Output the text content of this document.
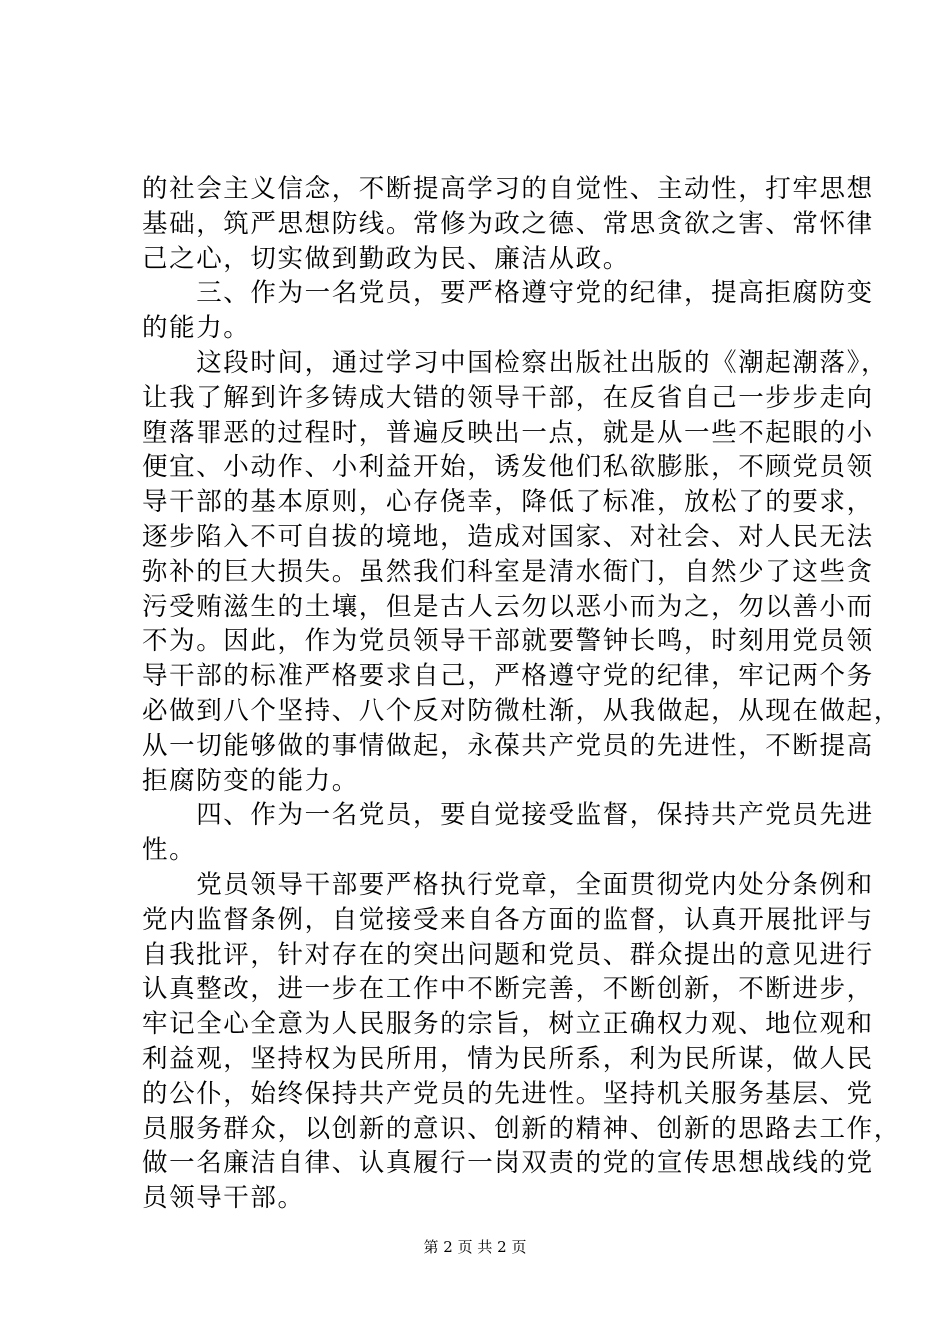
的社会主义信念，不断提高学习的自觉性、主动性，打牢思想
基础，筑严思想防线。常修为政之德、常思贪欲之害、常怀律
己之心，切实做到勤政为民、廉洁从政。
　　三、作为一名党员，要严格遵守党的纪律，提高拒腐防变
的能力。
　　这段时间，通过学习中国检察出版社出版的《潮起潮落》，
让我了解到许多铸成大错的领导干部，在反省自己一步步走向
堕落罪恶的过程时，普遍反映出一点，就是从一些不起眼的小
便宜、小动作、小利益开始，诱发他们私欲膨胀，不顾党员领
导干部的基本原则，心存侥幸，降低了标准，放松了的要求，
逐步陷入不可自拔的境地，造成对国家、对社会、对人民无法
弥补的巨大损失。虽然我们科室是清水衙门，自然少了这些贪
污受贿滋生的土壤，但是古人云勿以恶小而为之，勿以善小而
不为。因此，作为党员领导干部就要警钟长鸣，时刻用党员领
导干部的标准严格要求自己，严格遵守党的纪律，牢记两个务
必做到八个坚持、八个反对防微杜渐，从我做起，从现在做起，
从一切能够做的事情做起，永葆共产党员的先进性，不断提高
拒腐防变的能力。
　　四、作为一名党员，要自觉接受监督，保持共产党员先进
性。
　　党员领导干部要严格执行党章，全面贯彻党内处分条例和
党内监督条例，自觉接受来自各方面的监督，认真开展批评与
自我批评，针对存在的突出问题和党员、群众提出的意见进行
认真整改，进一步在工作中不断完善，不断创新，不断进步，
牢记全心全意为人民服务的宗旨，树立正确权力观、地位观和
利益观，坚持权为民所用，情为民所系，利为民所谋，做人民
的公仆，始终保持共产党员的先进性。坚持机关服务基层、党
员服务群众，以创新的意识、创新的精神、创新的思路去工作，
做一名廉洁自律、认真履行一岗双责的党的宣传思想战线的党
员领导干部。
第 2 页 共 2 页
